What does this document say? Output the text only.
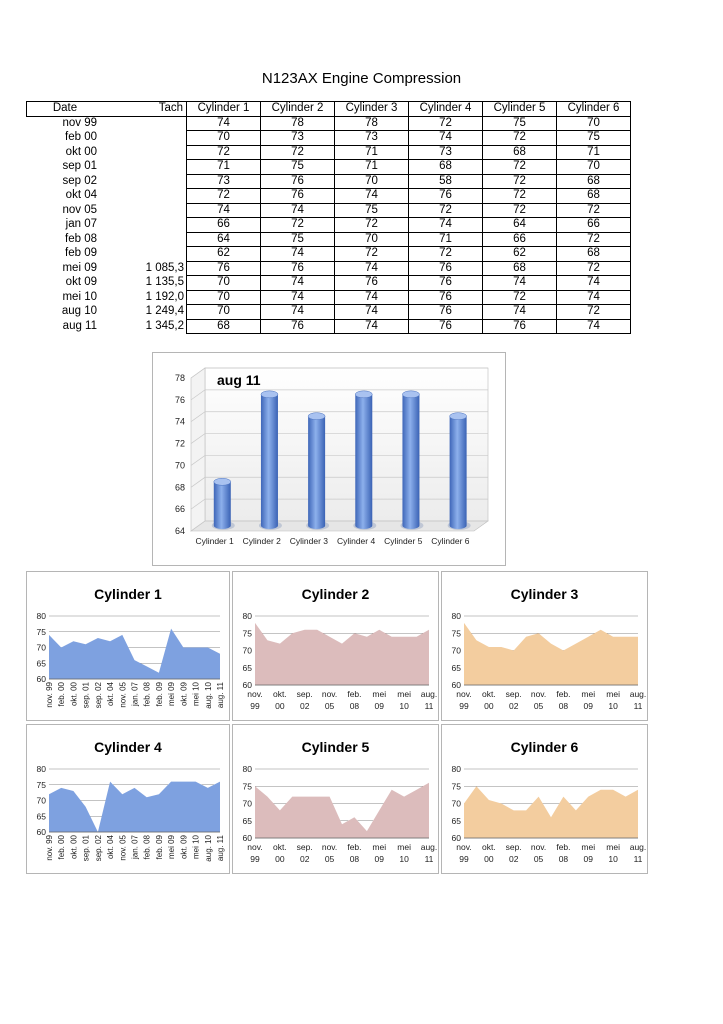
N123AX Engine Compression
Date	Tach	Cylinder 1	Cylinder 2	Cylinder 3	Cylinder 4	Cylinder 5	Cylinder 6
nov 99		74	78	78	72	75	70
feb 00		70	73	73	74	72	75
okt 00		72	72	71	73	68	71
sep 01		71	75	71	68	72	70
sep 02		73	76	70	58	72	68
okt 04		72	76	74	76	72	68
nov 05		74	74	75	72	72	72
jan 07		66	72	72	74	64	66
feb 08		64	75	70	71	66	72
feb 09		62	74	72	72	62	68
mei 09	1 085,3	76	76	74	76	68	72
okt 09	1 135,5	70	74	76	76	74	74
mei 10	1 192,0	70	74	74	76	72	74
aug 10	1 249,4	70	74	74	76	74	72
aug 11	1 345,2	68	76	74	76	76	74
64
66
68
70
72
74
76
78
Cylinder 1 Cylinder 2 Cylinder 3 Cylinder 4 Cylinder 5 Cylinder 6
aug 11
Cylinder 1
60
65
70
75
80
nov. 99 feb. 00 okt. 00 sep. 01 sep. 02 okt. 04 nov. 05 jan. 07 feb. 08 feb. 09 mei 09 okt. 09 mei 10 aug. 10 aug. 11
Cylinder 2
60
65
70
75
80
nov.
99
okt.
00
sep.
02
nov.
05
feb.
08
mei
09
mei
10
aug.
11
Cylinder 3
60
65
70
75
80
nov.
99
okt.
00
sep.
02
nov.
05
feb.
08
mei
09
mei
10
aug.
11
Cylinder 4
60
65
70
75
80
nov. 99 feb. 00 okt. 00 sep. 01 sep. 02 okt. 04 nov. 05 jan. 07 feb. 08 feb. 09 mei 09 okt. 09 mei 10 aug. 10 aug. 11
Cylinder 5
60
65
70
75
80
nov.
99
okt.
00
sep.
02
nov.
05
feb.
08
mei
09
mei
10
aug.
11
Cylinder 6
60
65
70
75
80
nov.
99
okt.
00
sep.
02
nov.
05
feb.
08
mei
09
mei
10
aug.
11
